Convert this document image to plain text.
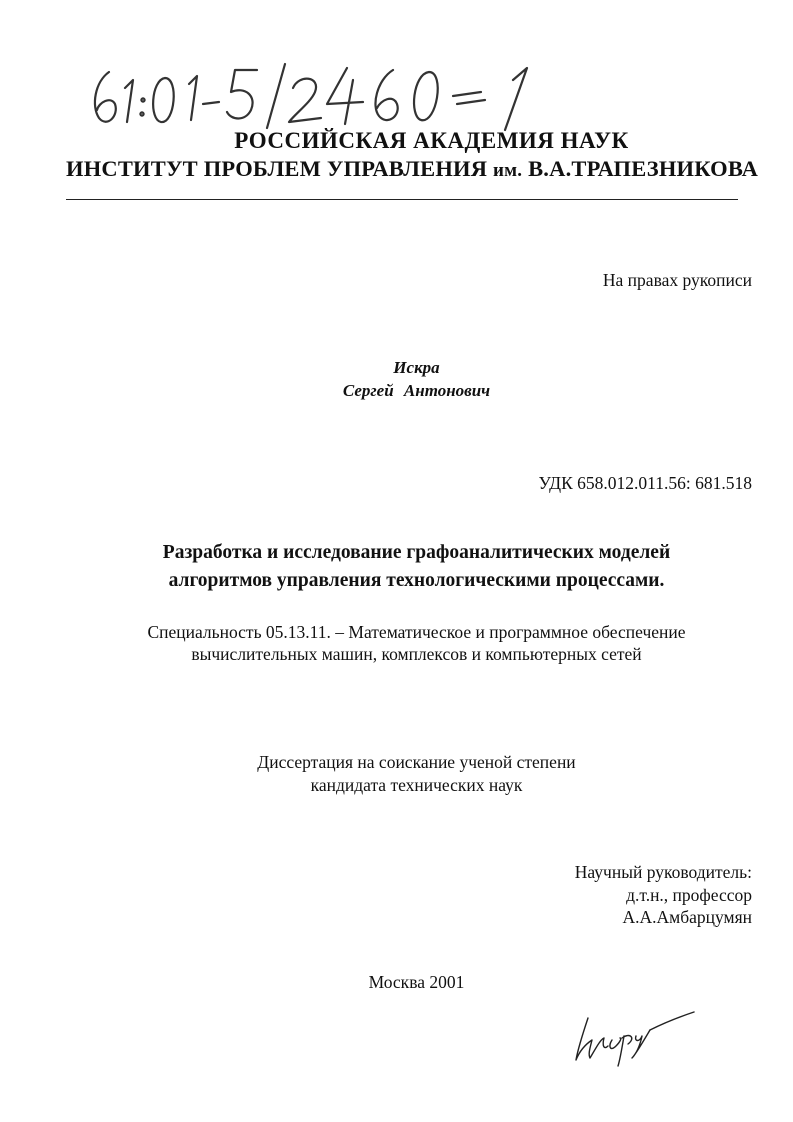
РОССИЙСКАЯ АКАДЕМИЯ НАУК
ИНСТИТУТ ПРОБЛЕМ УПРАВЛЕНИЯ им. В.А.ТРАПЕЗНИКОВА
На правах рукописи
Искра
Сергей Антонович
УДК 658.012.011.56: 681.518
Разработка и исследование графоаналитических моделей
алгоритмов управления технологическими процессами.
Специальность 05.13.11. – Математическое и программное обеспечение
вычислительных машин, комплексов и компьютерных сетей
Диссертация на соискание ученой степени
кандидата технических наук
Научный руководитель:
д.т.н., профессор
А.А.Амбарцумян
Москва 2001
